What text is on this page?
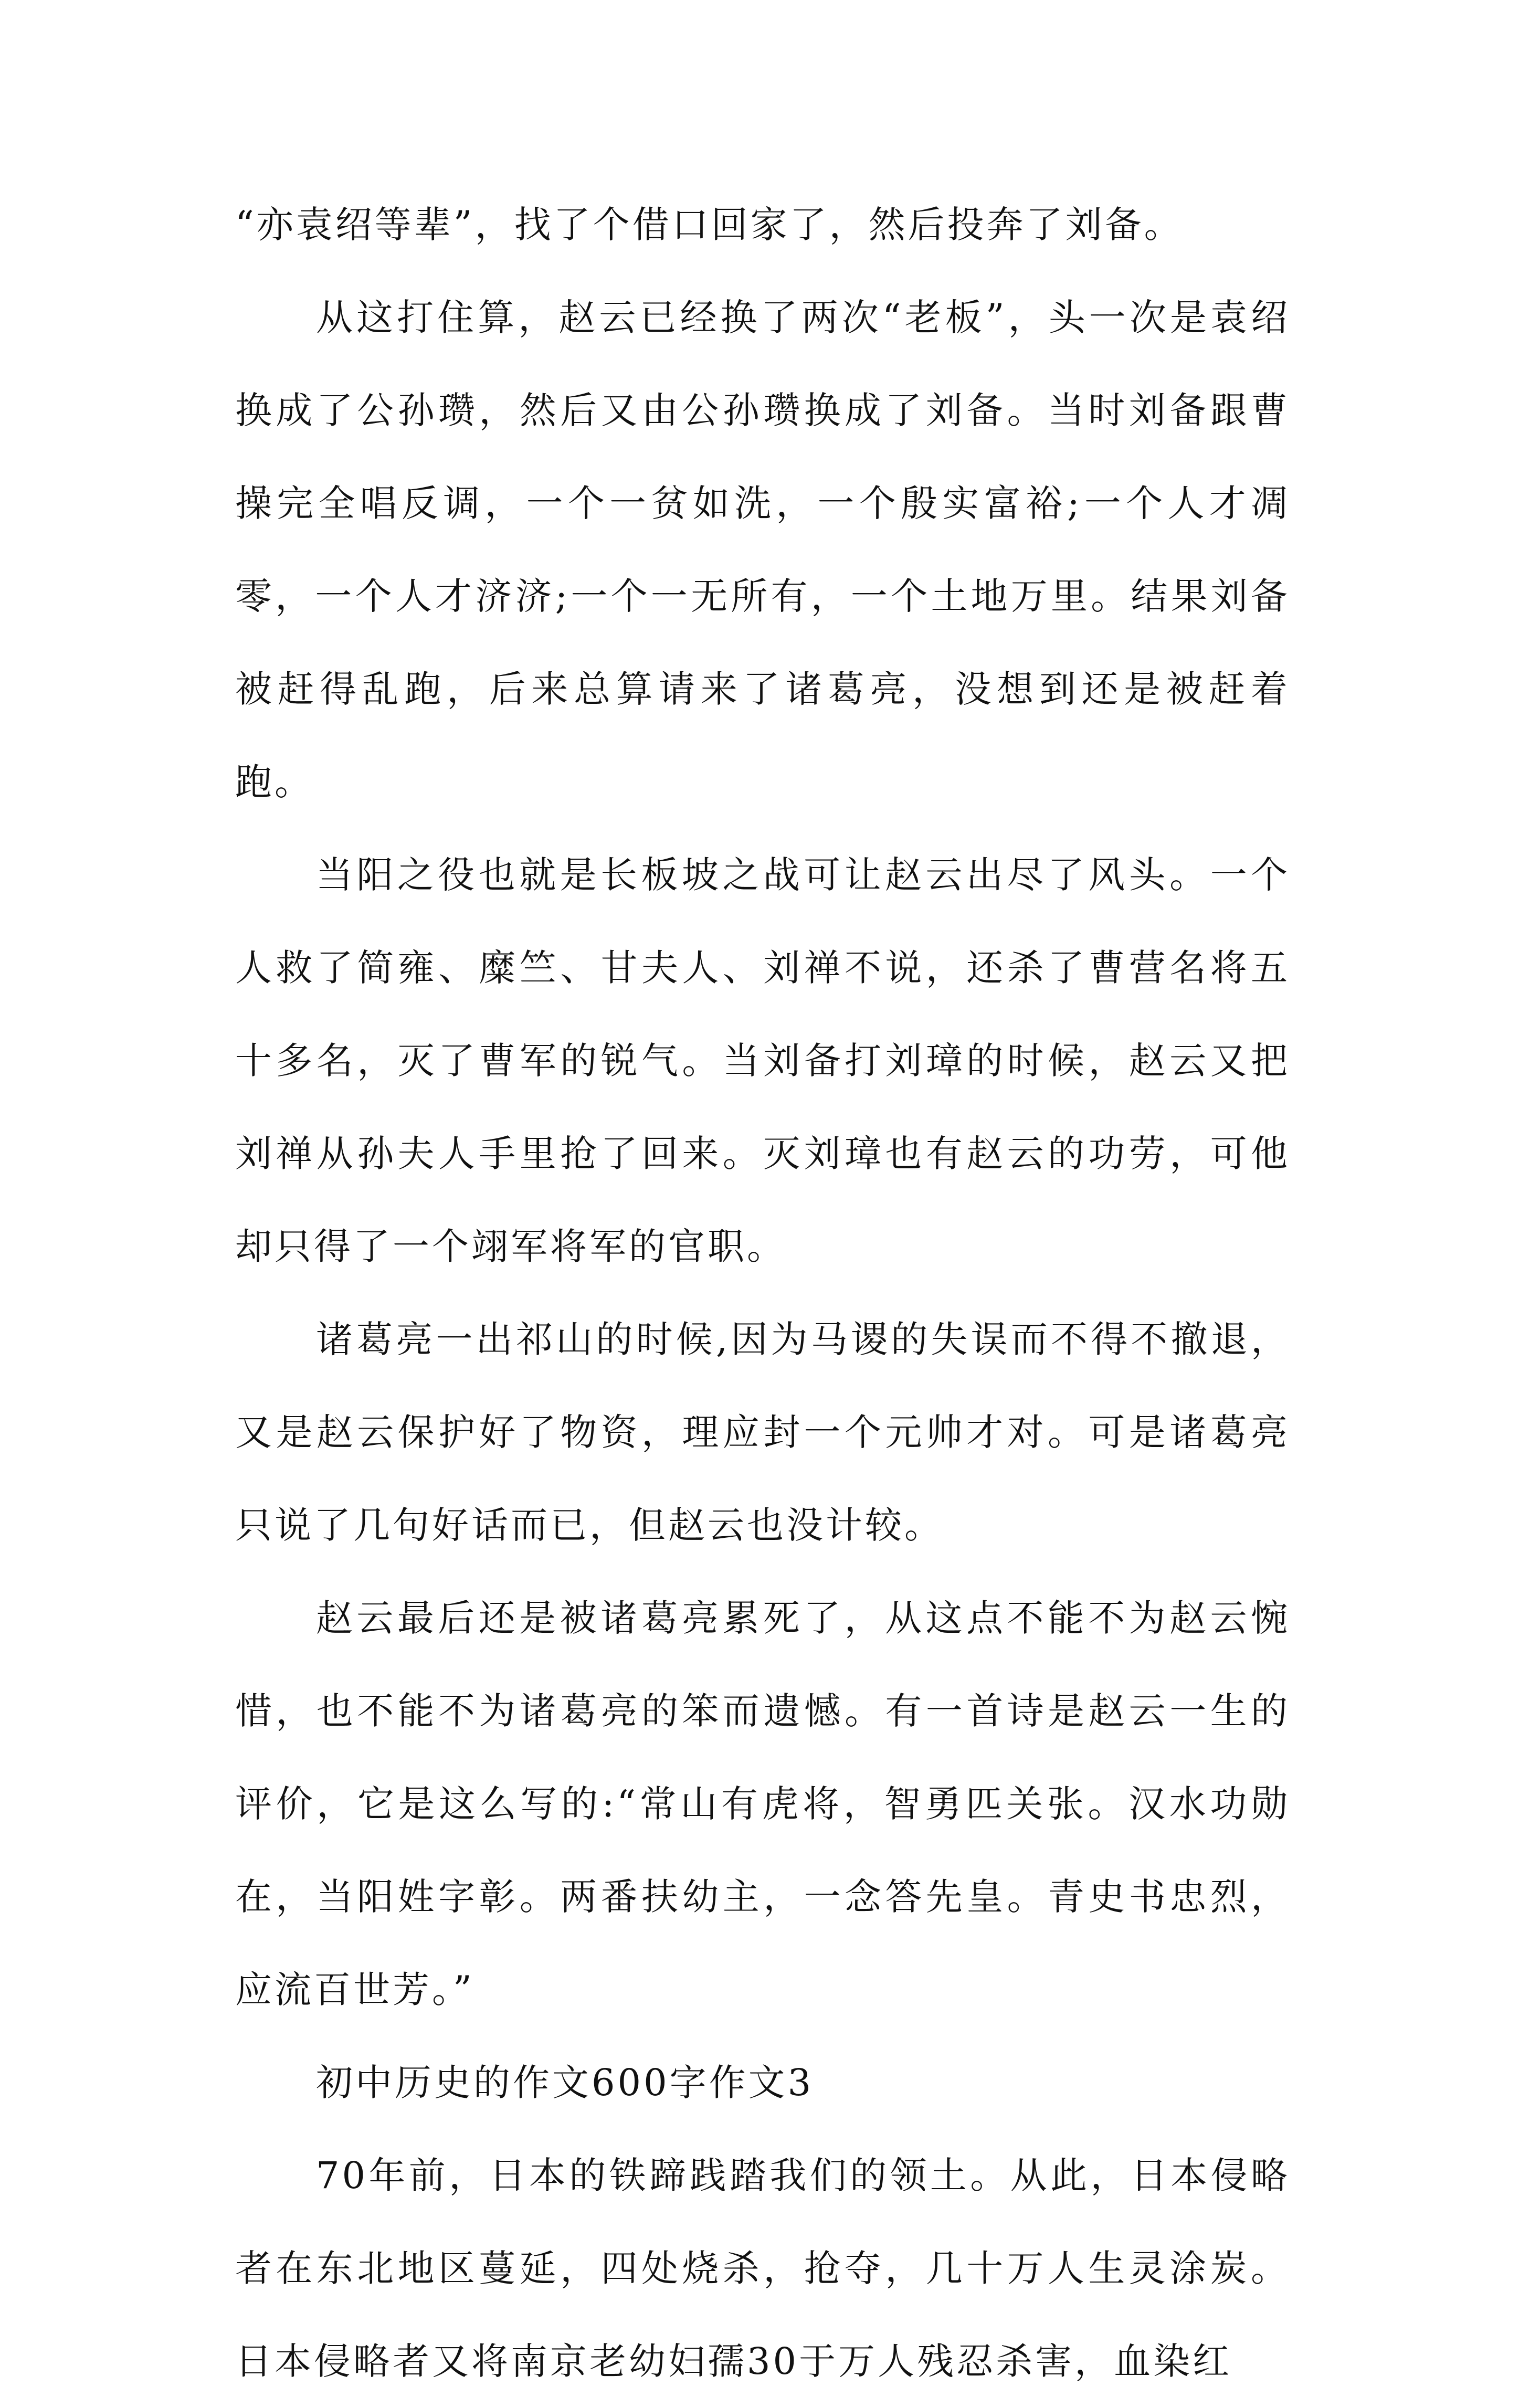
“亦袁绍等辈”，找了个借口回家了，然后投奔了刘备。

从这打住算，赵云已经换了两次“老板”，头一次是袁绍换成了公孙瓒，然后又由公孙瓒换成了刘备。当时刘备跟曹操完全唱反调，一个一贫如洗，一个殷实富裕;一个人才凋零，一个人才济济;一个一无所有，一个土地万里。结果刘备被赶得乱跑，后来总算请来了诸葛亮，没想到还是被赶着跑。

当阳之役也就是长板坡之战可让赵云出尽了风头。一个人救了简雍、糜竺、甘夫人、刘禅不说，还杀了曹营名将五十多名，灭了曹军的锐气。当刘备打刘璋的时候，赵云又把刘禅从孙夫人手里抢了回来。灭刘璋也有赵云的功劳，可他却只得了一个翊军将军的官职。

诸葛亮一出祁山的时候,因为马谡的失误而不得不撤退，又是赵云保护好了物资，理应封一个元帅才对。可是诸葛亮只说了几句好话而已，但赵云也没计较。

赵云最后还是被诸葛亮累死了，从这点不能不为赵云惋惜，也不能不为诸葛亮的笨而遗憾。有一首诗是赵云一生的评价，它是这么写的:“常山有虎将，智勇匹关张。汉水功勋在，当阳姓字彰。两番扶幼主，一念答先皇。青史书忠烈，应流百世芳。”

初中历史的作文600字作文3

70年前，日本的铁蹄践踏我们的领土。从此，日本侵略者在东北地区蔓延，四处烧杀，抢夺，几十万人生灵涂炭。日本侵略者又将南京老幼妇孺30于万人残忍杀害，血染红
